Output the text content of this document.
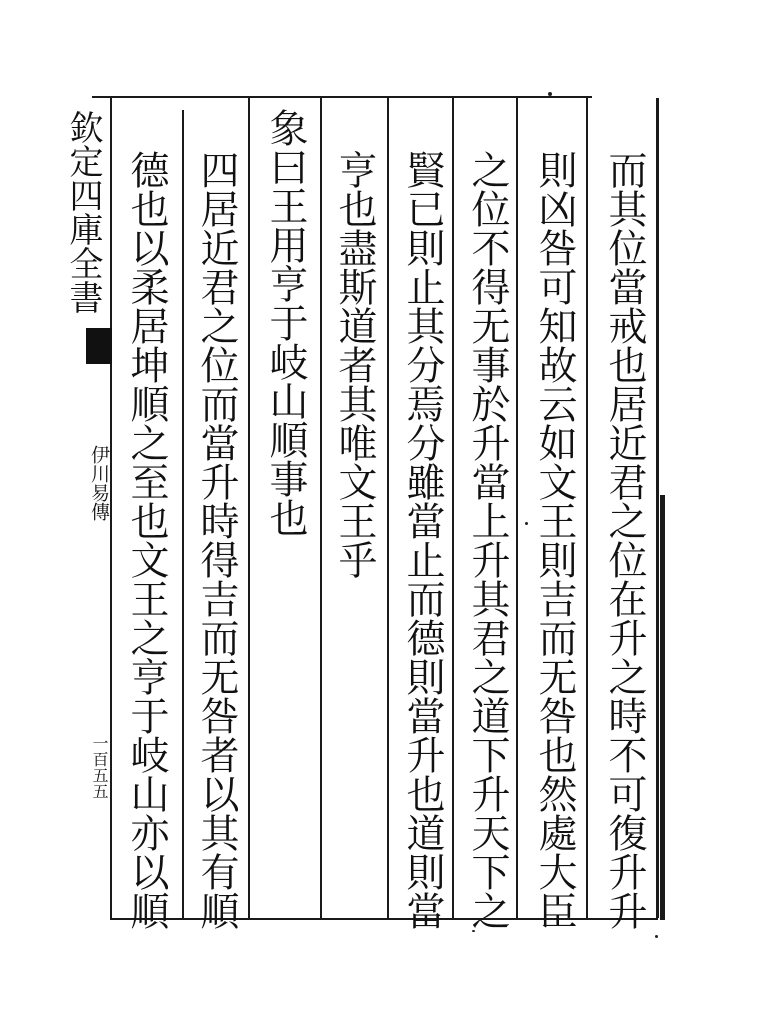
欽定四庫全書
伊川易傳
一百五五	而其位當戒也居近君之位在升之時不可復升升
則凶咎可知故云如文王則吉而无咎也然處大臣
之位不得无事於升當上升其君之道下升天下之
賢已則止其分焉分雖當止而德則當升也道則當
亨也盡斯道者其唯文王乎
象曰王用亨于岐山順事也
四居近君之位而當升時得吉而无咎者以其有順
德也以柔居坤順之至也文王之亨于岐山亦以順
